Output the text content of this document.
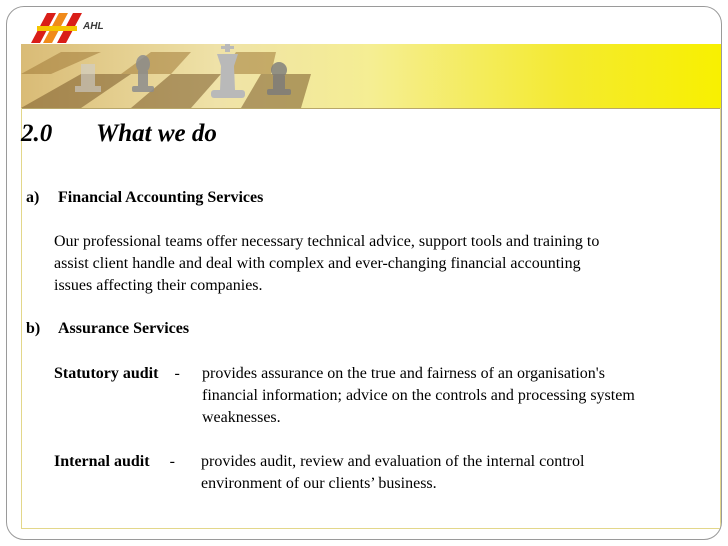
AHL
2.0 What we do
a) Financial Accounting Services
Our professional teams offer necessary technical advice, support tools and training to
assist client handle and deal with complex and ever-changing financial accounting
issues affecting their companies.
b) Assurance Services
Statutory audit - provides assurance on the true and fairness of an organisation's
financial information; advice on the controls and processing system
weaknesses.
Internal audit - provides audit, review and evaluation of the internal control
environment of our clients’ business.
